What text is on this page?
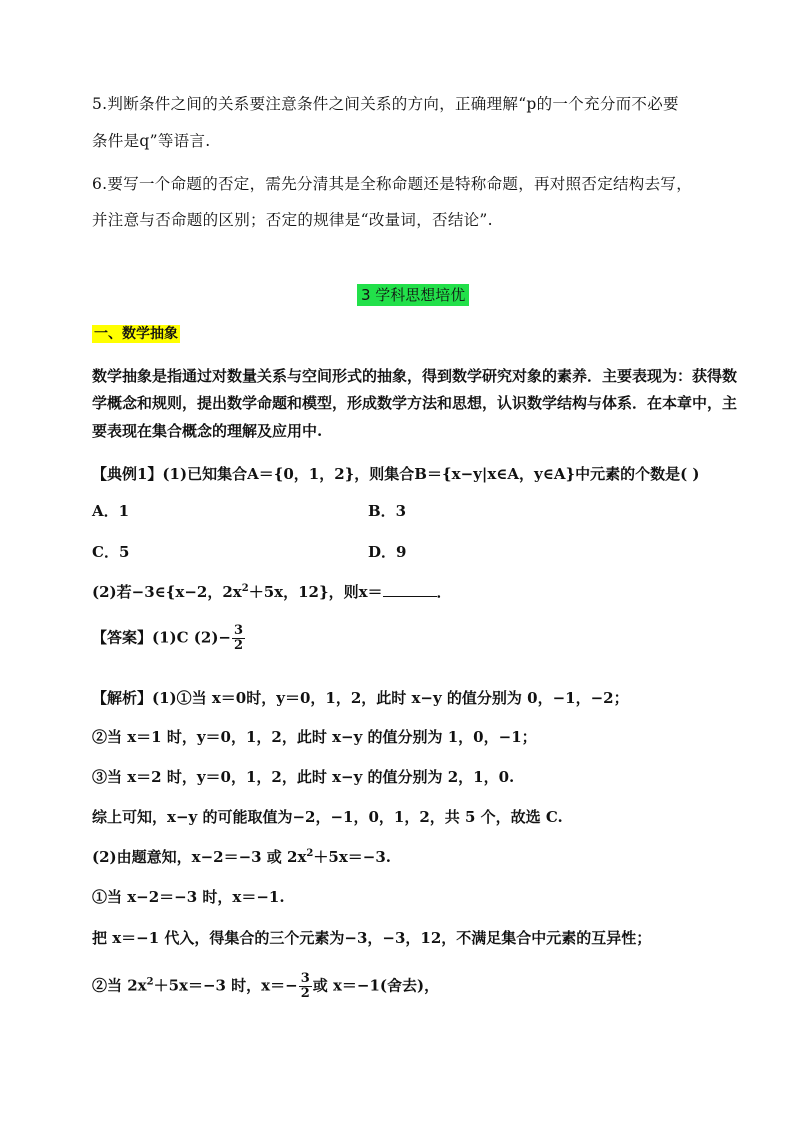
5.判断条件之间的关系要注意条件之间关系的方向，正确理解“p的一个充分而不必要
条件是q”等语言.
6.要写一个命题的否定，需先分清其是全称命题还是特称命题，再对照否定结构去写，
并注意与否命题的区别；否定的规律是“改量词，否结论”.
3 学科思想培优
一、数学抽象
数学抽象是指通过对数量关系与空间形式的抽象，得到数学研究对象的素养．主要表现为：获得数
学概念和规则，提出数学命题和模型，形成数学方法和思想，认识数学结构与体系．在本章中，主
要表现在集合概念的理解及应用中.
【典例1】(1)已知集合A＝{0，1，2}，则集合B＝{x−y|x∈A，y∈A}中元素的个数是( )
A．1	B．3
C．5	D．9
(2)若−3∈{x−2，$2x^2+5x$，12}，则x＝	．
【答案】(1)C $(2)- \frac{3}{2}$
【解析】(1)①当 x＝0时，y＝0，1，2，此时 x−y 的值分别为 0，−1，−2；
②当 x＝1 时，y＝0，1，2，此时 x−y 的值分别为 1，0，−1；
③当 x＝2 时，y＝0，1，2，此时 x−y 的值分别为 2，1，0.
综上可知，x−y 的可能取值为−2，−1，0，1，2，共 5 个，故选 C.
(2)由题意知，x−2＝−3 或 $2x^2+5x=-3$.
①当 x−2＝−3 时，x＝−1.
把 x＝−1 代入，得集合的三个元素为−3，−3，12，不满足集合中元素的互异性；
②当 $2x^2+5x=-3$ 时，$x=- \frac{3}{2}$ 或 x＝−1(舍去)，
